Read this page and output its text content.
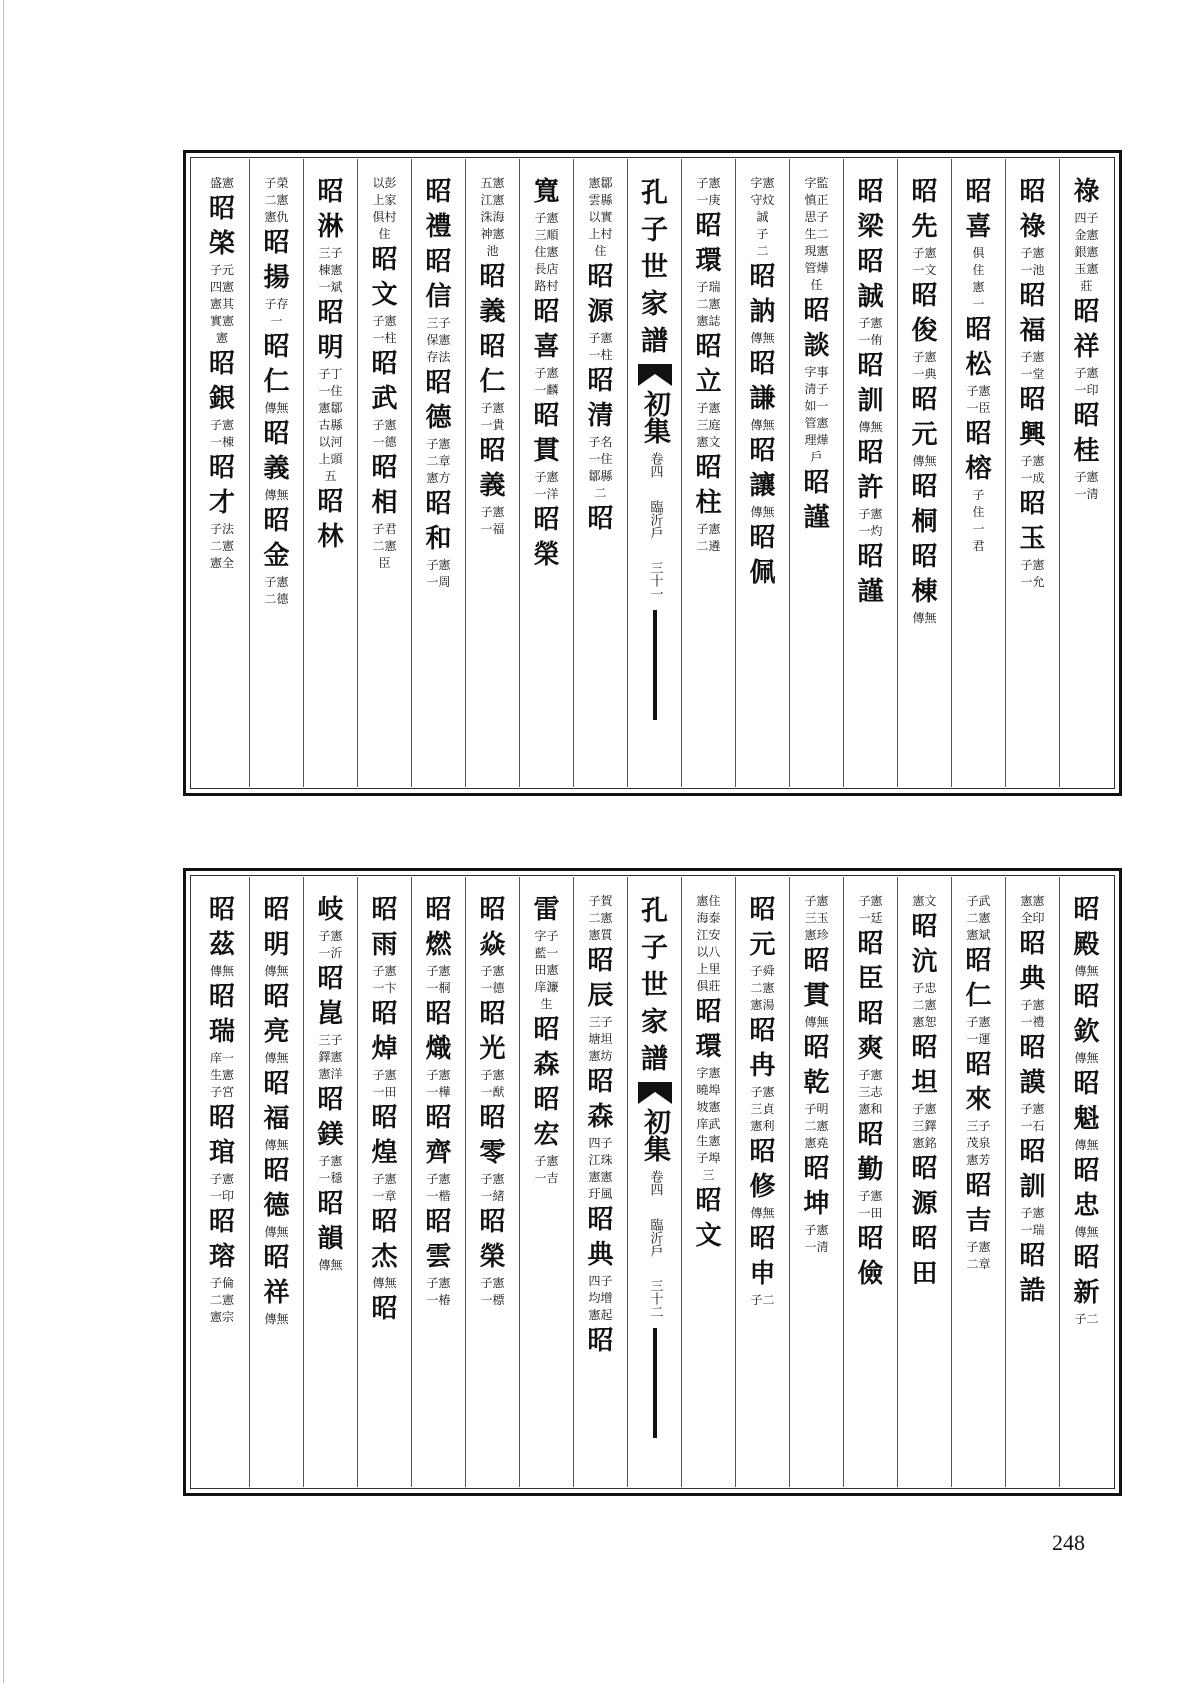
祿
四子
金憲
銀憲
玉憲
莊
昭
祥
子憲
一印
昭
桂
子憲
一清
昭
祿
子憲
一池
昭
福
子憲
一堂
昭
興
子憲
一成
昭
玉
子憲
一允
昭
喜
俱
住
憲
一
昭
松
子憲
一臣
昭
榕
子
住
一
君
昭
先
子憲
一文
昭
俊
子憲
一典
昭
元
傳無
昭
桐
昭
棟
傳無
昭
梁
昭
誠
子憲
一侑
昭
訓
傳無
昭
許
子憲
一灼
昭
謹
字監
慎正
思子
生二
現憲
管燁
任
昭
談
字事
清子
如一
管憲
理燁
戶
昭
謹
字憲
守炆
誠
子
二
昭
訥
傳無
昭
謙
傳無
昭
讓
傳無
昭
佩
子憲
一庚
昭
環
子瑞
二憲
憲誌
昭
立
子憲
三庭
憲文
昭
柱
子憲
二遴
孔
子
世
家
譜
初集
卷四
臨沂戶
三十一
憲鄒
雲縣
以實
上村
住
昭
源
子憲
一柱
昭
清
子名
一住
鄒縣
二
昭
寬
子憲
三順
住憲
長店
路村
昭
喜
子憲
一麟
昭
貫
子憲
一洋
昭
榮
五憲
江憲
洙海
神憲
池
昭
義
昭
仁
子憲
一貴
昭
義
子憲
一福
昭
禮
昭
信
三子
保憲
存法
昭
德
子憲
二章
憲方
昭
和
子憲
一周
以彭
上家
俱村
住
昭
文
子憲
一柱
昭
武
子憲
一德
昭
相
子君
二憲
臣
昭
淋
三子
棟憲
一斌
昭
明
子丁
一住
憲鄒
古縣
以河
上頭
五
昭
林
子榮
二憲
憲仇
昭
揚
子存
一
昭
仁
傳無
昭
義
傳無
昭
金
子憲
二德
盛憲
昭
棨
子元
四憲
憲其
實憲
憲
昭
銀
子憲
一棟
昭
才
子法
二憲
憲全
昭
殿
傳無
昭
欽
傳無
昭
魁
傳無
昭
忠
傳無
昭
新
子二
憲憲
全印
昭
典
子憲
一禮
昭
謨
子憲
一石
昭
訓
子憲
一瑞
昭
誥
子武
二憲
憲斌
昭
仁
子憲
一運
昭
來
三子
茂泉
憲芳
昭
吉
子憲
二章
憲文
昭
沆
子忠
二憲
憲恕
昭
坦
子憲
三鐸
憲銘
昭
源
昭
田
子憲
一廷
昭
臣
昭
爽
子憲
三志
憲和
昭
勤
子憲
一田
昭
儉
子憲
三玉
憲珍
昭
貫
傳無
昭
乾
子明
二憲
憲堯
昭
坤
子憲
一清
昭
元
子舜
二憲
憲湯
昭
冉
子憲
三貞
憲利
昭
修
傳無
昭
申
子二
憲住
海泰
江安
以八
上里
俱莊
昭
環
字憲
曉埠
坡憲
庠武
生憲
子埠
三
昭
文
孔
子
世
家
譜
初集
卷四
臨沂戶
三十二
子賀
二憲
憲質
昭
辰
三子
塘坦
憲坊
昭
森
四子
江珠
憲憲
玗風
昭
典
四子
均增
憲起
昭
雷
字子
藍一
田憲
庠濂
生
昭
森
昭
宏
子憲
一吉
昭
焱
子憲
一德
昭
光
子憲
一猷
昭
零
子憲
一緒
昭
榮
子憲
一標
昭
燃
子憲
一桐
昭
熾
子憲
一樺
昭
齊
子憲
一楷
昭
雲
子憲
一椿
昭
雨
子憲
一卞
昭
焯
子憲
一田
昭
煌
子憲
一章
昭
杰
傳無
昭
岐
子憲
一沂
昭
崑
三子
鐸憲
憲洋
昭
鎂
子憲
一穩
昭
韻
傳無
昭
明
傳無
昭
亮
傳無
昭
福
傳無
昭
德
傳無
昭
祥
傳無
昭
茲
傳無
昭
瑞
庠一
生憲
子宮
昭
琯
子憲
一印
昭
瑢
子倫
二憲
憲宗
248
